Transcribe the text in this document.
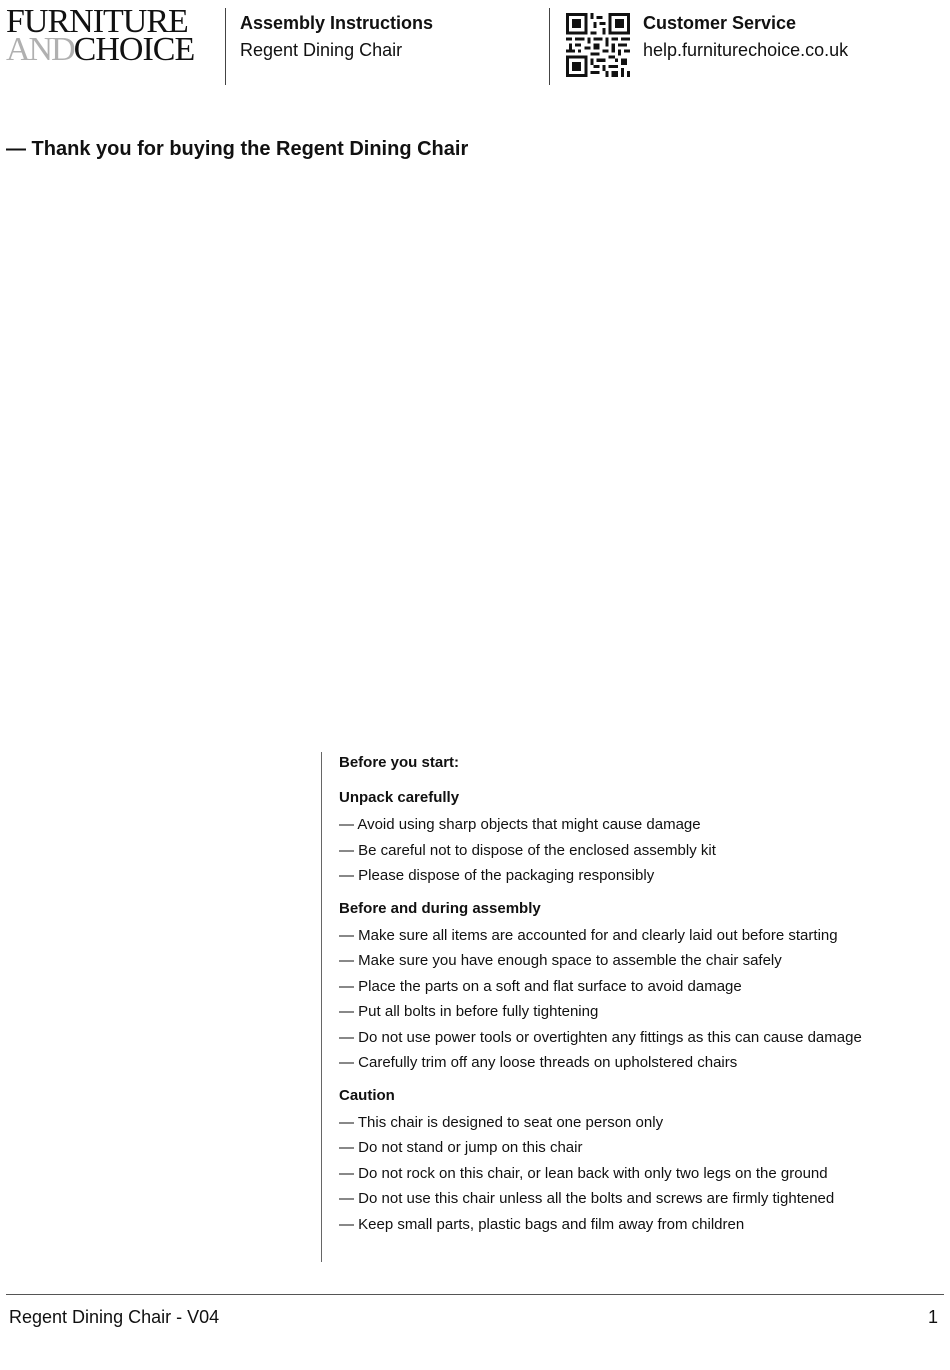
FURNITURE
ANDCHOICE
Assembly Instructions
Regent Dining Chair
Customer Service
help.furniturechoice.co.uk
— Thank you for buying the Regent Dining Chair
Before you start:
Unpack carefully
— Avoid using sharp objects that might cause damage
— Be careful not to dispose of the enclosed assembly kit
— Please dispose of the packaging responsibly
Before and during assembly
— Make sure all items are accounted for and clearly laid out before starting
— Make sure you have enough space to assemble the chair safely
— Place the parts on a soft and flat surface to avoid damage
— Put all bolts in before fully tightening
— Do not use power tools or overtighten any fittings as this can cause damage
— Carefully trim off any loose threads on upholstered chairs
Caution
— This chair is designed to seat one person only
— Do not stand or jump on this chair
— Do not rock on this chair, or lean back with only two legs on the ground
— Do not use this chair unless all the bolts and screws are firmly tightened
— Keep small parts, plastic bags and film away from children
Regent Dining Chair - V04	1
